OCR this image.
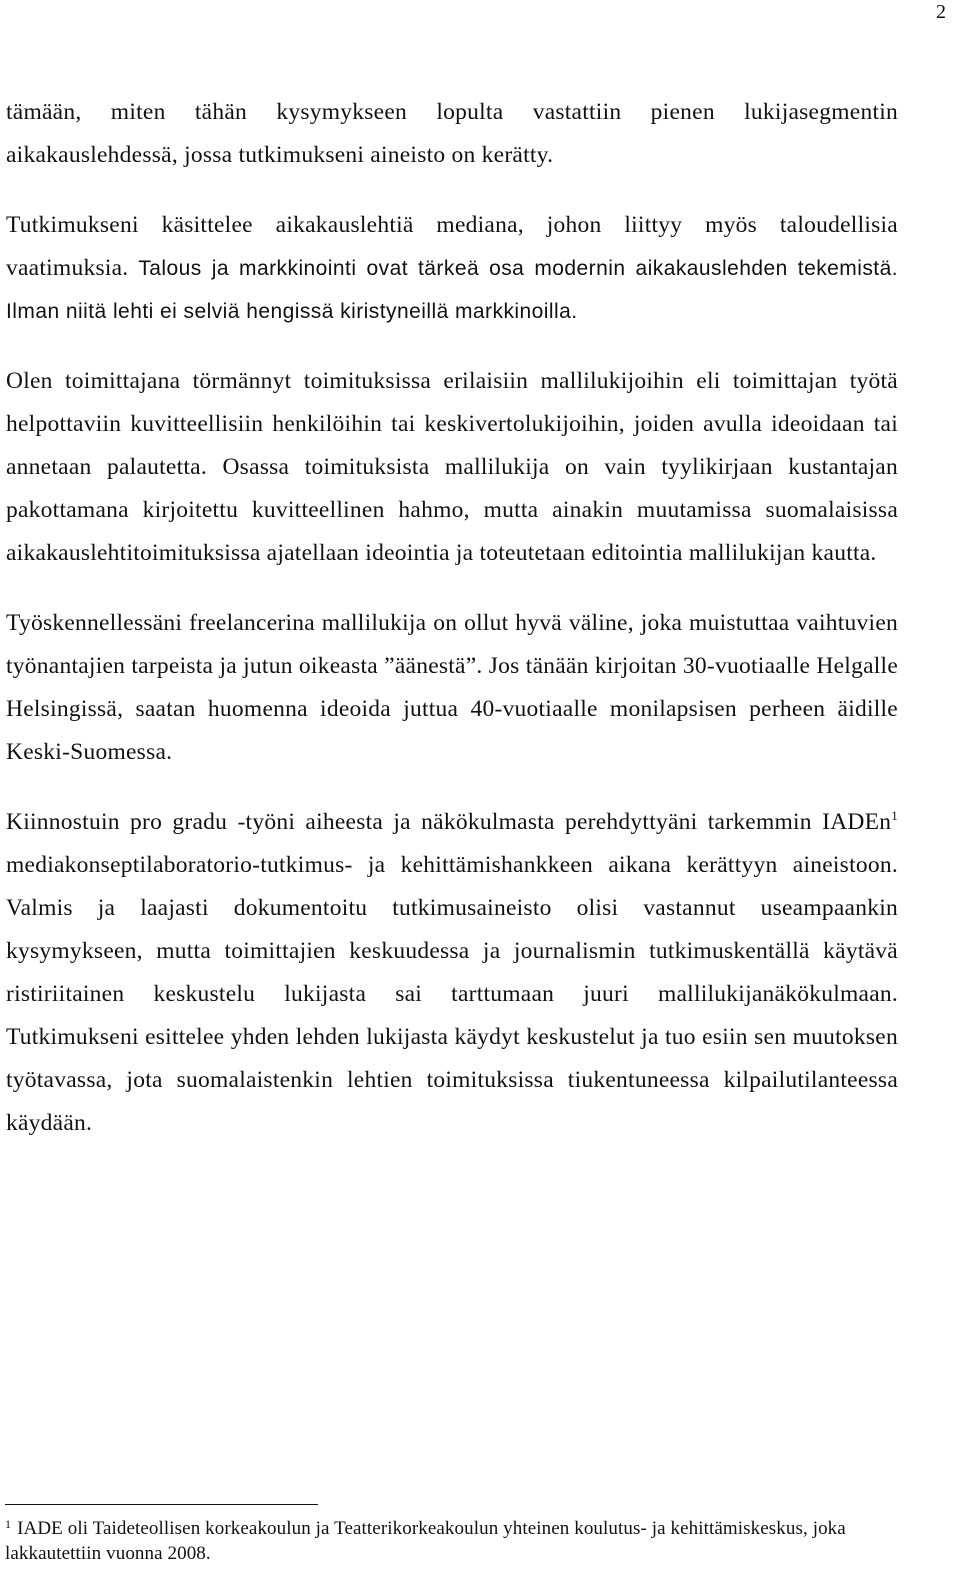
2

tämään, miten tähän kysymykseen lopulta vastattiin pienen lukijasegmentin aikakauslehdessä, jossa tutkimukseni aineisto on kerätty.

Tutkimukseni käsittelee aikakauslehtiä mediana, johon liittyy myös taloudellisia vaatimuksia. Talous ja markkinointi ovat tärkeä osa modernin aikakauslehden tekemistä. Ilman niitä lehti ei selviä hengissä kiristyneillä markkinoilla.

Olen toimittajana törmännyt toimituksissa erilaisiin mallilukijoihin eli toimittajan työtä helpottaviin kuvitteellisiin henkilöihin tai keskivertolukijoihin, joiden avulla ideoidaan tai annetaan palautetta. Osassa toimituksista mallilukija on vain tyylikirjaan kustantajan pakottamana kirjoitettu kuvitteellinen hahmo, mutta ainakin muutamissa suomalaisissa aikakauslehtitoimituksissa ajatellaan ideointia ja toteutetaan editointia mallilukijan kautta.

Työskennellessäni freelancerina mallilukija on ollut hyvä väline, joka muistuttaa vaihtuvien työnantajien tarpeista ja jutun oikeasta ”äänestä”. Jos tänään kirjoitan 30-vuotiaalle Helgalle Helsingissä, saatan huomenna ideoida juttua 40-vuotiaalle monilapsisen perheen äidille Keski-Suomessa.

Kiinnostuin pro gradu -työni aiheesta ja näkökulmasta perehdyttyäni tarkemmin IADEn$^1$ mediakonseptilaboratorio-tutkimus- ja kehittämishankkeen aikana kerättyyn aineistoon. Valmis ja laajasti dokumentoitu tutkimusaineisto olisi vastannut useampaankin kysymykseen, mutta toimittajien keskuudessa ja journalismin tutkimuskentällä käytävä ristiriitainen keskustelu lukijasta sai tarttumaan juuri mallilukijanäkökulmaan. Tutkimukseni esittelee yhden lehden lukijasta käydyt keskustelut ja tuo esiin sen muutoksen työtavassa, jota suomalaistenkin lehtien toimituksissa tiukentuneessa kilpailutilanteessa käydään.

$^1$ IADE oli Taideteollisen korkeakoulun ja Teatterikorkeakoulun yhteinen koulutus- ja kehittämiskeskus, joka lakkautettiin vuonna 2008.
